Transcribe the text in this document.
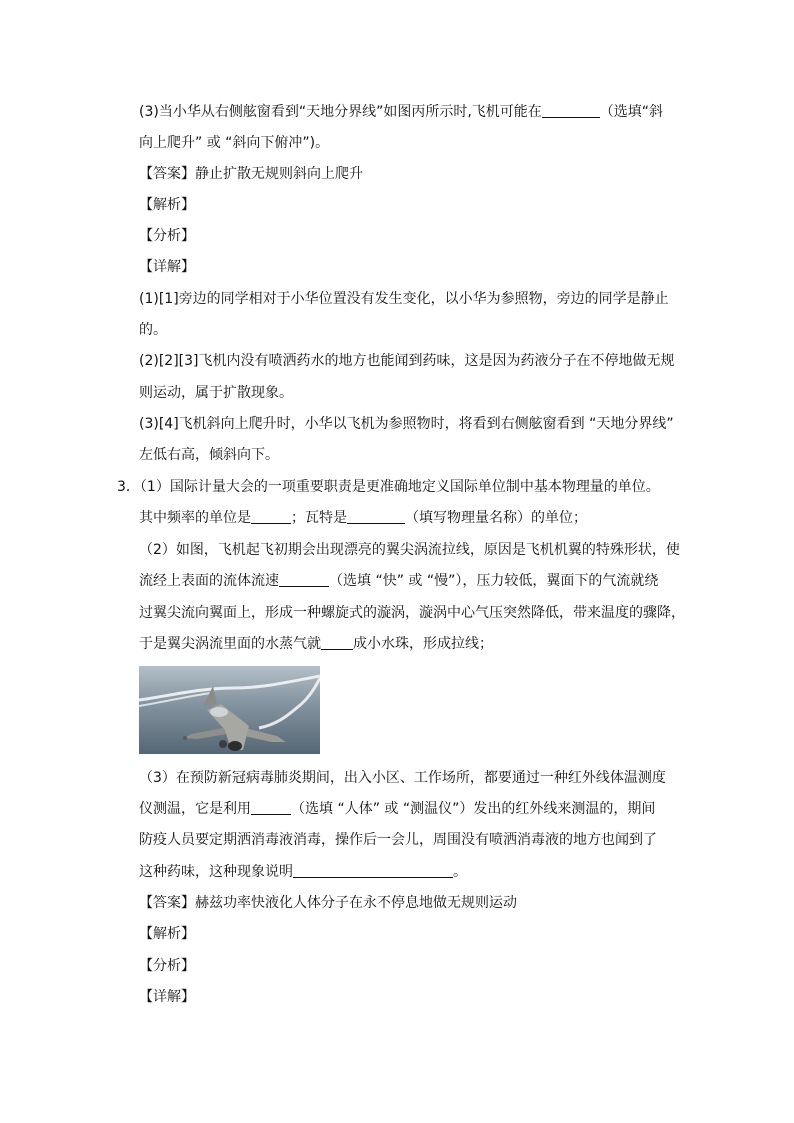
(3)当小华从右侧舷窗看到“天地分界线”如图丙所示时,飞机可能在	（选填“斜
向上爬升” 或 “斜向下俯冲”)。
【答案】静止扩散无规则斜向上爬升
【解析】
【分析】
【详解】
(1)[1]旁边的同学相对于小华位置没有发生变化，以小华为参照物，旁边的同学是静止
的。
(2)[2][3]飞机内没有喷洒药水的地方也能闻到药味，这是因为药液分子在不停地做无规
则运动，属于扩散现象。
(3)[4]飞机斜向上爬升时，小华以飞机为参照物时，将看到右侧舷窗看到 “天地分界线”
左低右高，倾斜向下。
3．（1）国际计量大会的一项重要职责是更准确地定义国际单位制中基本物理量的单位。
其中频率的单位是	；瓦特是	（填写物理量名称）的单位；
（2）如图，飞机起飞初期会出现漂亮的翼尖涡流拉线，原因是飞机机翼的特殊形状，使
流经上表面的流体流速	（选填 “快” 或 “慢”），压力较低，翼面下的气流就绕
过翼尖流向翼面上，形成一种螺旋式的漩涡，漩涡中心气压突然降低，带来温度的骤降，
于是翼尖涡流里面的水蒸气就 成小水珠，形成拉线；
（3）在预防新冠病毒肺炎期间，出入小区、工作场所，都要通过一种红外线体温测度
仪测温，它是利用	（选填 “人体” 或 “测温仪”）发出的红外线来测温的，期间
防疫人员要定期洒消毒液消毒，操作后一会儿，周围没有喷洒消毒液的地方也闻到了
这种药味，这种现象说明	。
【答案】赫兹功率快液化人体分子在永不停息地做无规则运动
【解析】
【分析】
【详解】
